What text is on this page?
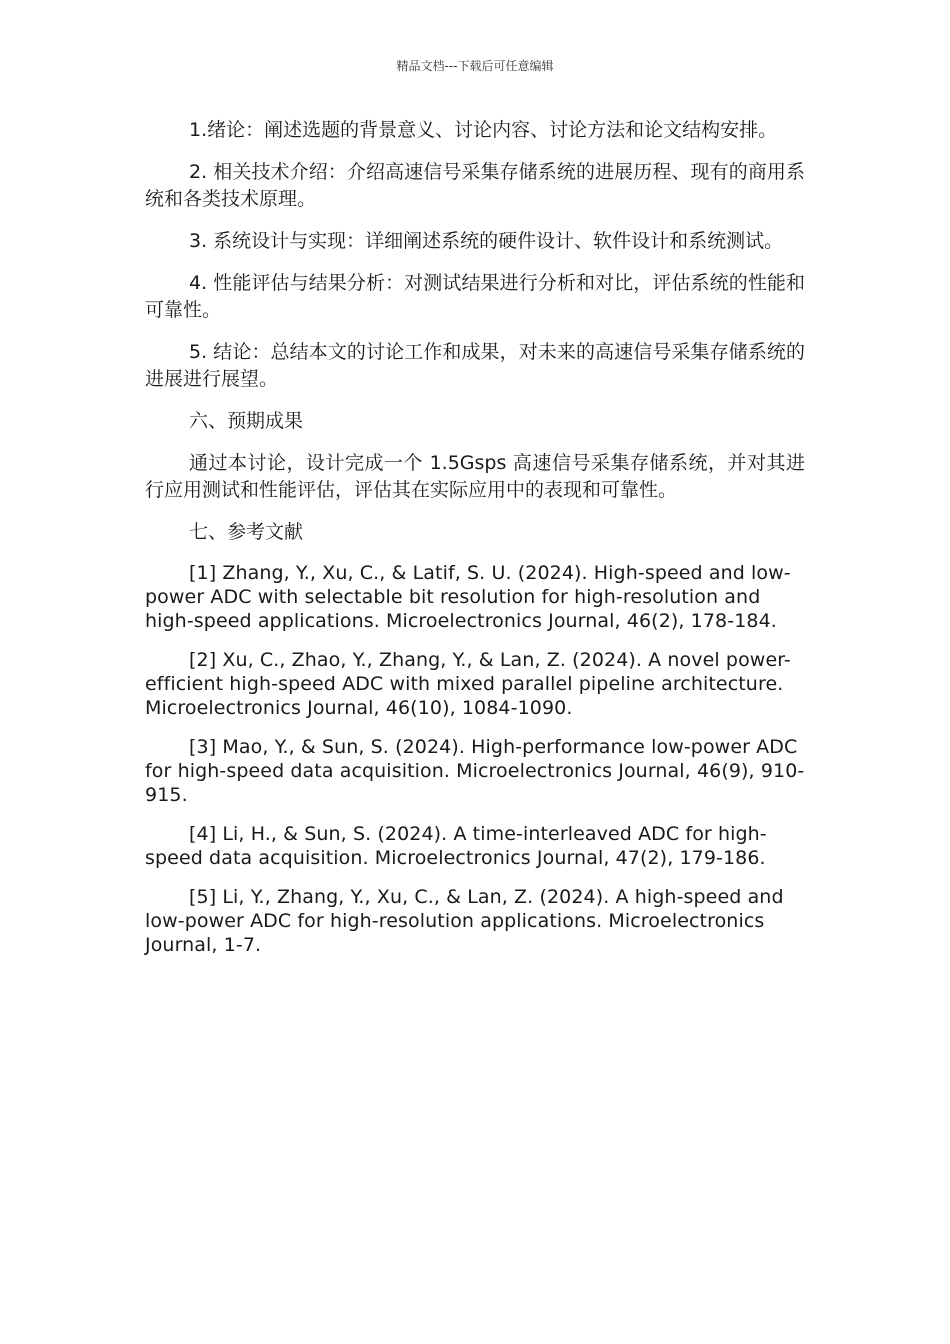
精品文档---下载后可任意编辑

1.绪论：阐述选题的背景意义、讨论内容、讨论方法和论文结构安排。

2. 相关技术介绍：介绍高速信号采集存储系统的进展历程、现有的商用系统和各类技术原理。

3. 系统设计与实现：详细阐述系统的硬件设计、软件设计和系统测试。

4. 性能评估与结果分析：对测试结果进行分析和对比，评估系统的性能和可靠性。

5. 结论：总结本文的讨论工作和成果，对未来的高速信号采集存储系统的进展进行展望。

六、预期成果

通过本讨论，设计完成一个 1.5Gsps 高速信号采集存储系统，并对其进行应用测试和性能评估，评估其在实际应用中的表现和可靠性。

七、参考文献

[1] Zhang, Y., Xu, C., & Latif, S. U. (2024). High-speed and low-power ADC with selectable bit resolution for high-resolution and high-speed applications. Microelectronics Journal, 46(2), 178-184.

[2] Xu, C., Zhao, Y., Zhang, Y., & Lan, Z. (2024). A novel power-efficient high-speed ADC with mixed parallel pipeline architecture. Microelectronics Journal, 46(10), 1084-1090.

[3] Mao, Y., & Sun, S. (2024). High-performance low-power ADC for high-speed data acquisition. Microelectronics Journal, 46(9), 910-915.

[4] Li, H., & Sun, S. (2024). A time-interleaved ADC for high-speed data acquisition. Microelectronics Journal, 47(2), 179-186.

[5] Li, Y., Zhang, Y., Xu, C., & Lan, Z. (2024). A high-speed and low-power ADC for high-resolution applications. Microelectronics Journal, 1-7.
